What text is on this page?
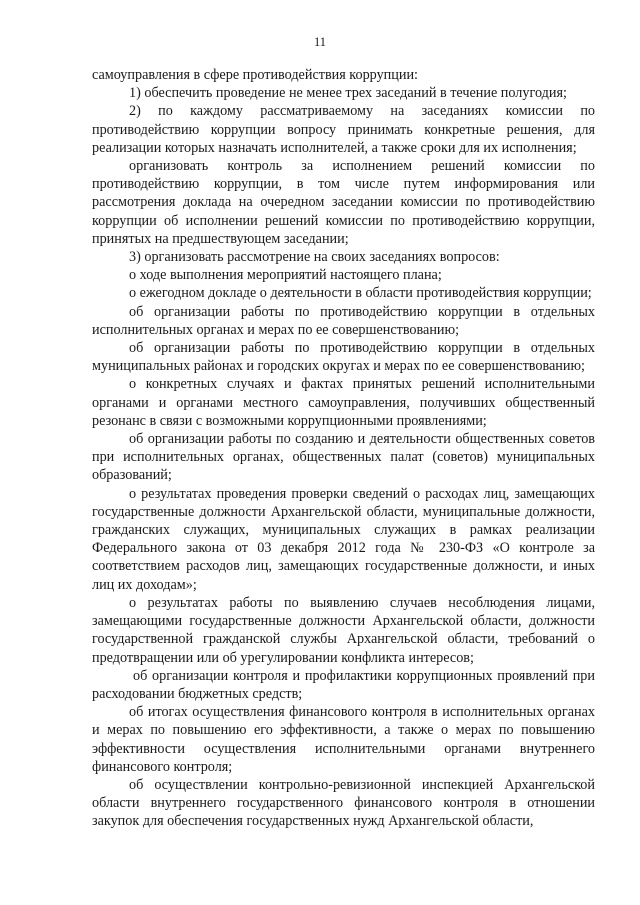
11

самоуправления в сфере противодействия коррупции:

1) обеспечить проведение не менее трех заседаний в течение полугодия;

2) по каждому рассматриваемому на заседаниях комиссии по противодействию коррупции вопросу принимать конкретные решения, для реализации которых назначать исполнителей, а также сроки для их исполнения;

организовать контроль за исполнением решений комиссии по противодействию коррупции, в том числе путем информирования или рассмотрения доклада на очередном заседании комиссии по противодействию коррупции об исполнении решений комиссии по противодействию коррупции, принятых на предшествующем заседании;

3) организовать рассмотрение на своих заседаниях вопросов:

о ходе выполнения мероприятий настоящего плана;

о ежегодном докладе о деятельности в области противодействия коррупции;

об организации работы по противодействию коррупции в отдельных исполнительных органах и мерах по ее совершенствованию;

об организации работы по противодействию коррупции в отдельных муниципальных районах и городских округах и мерах по ее совершенствованию;

о конкретных случаях и фактах принятых решений исполнительными органами и органами местного самоуправления, получивших общественный резонанс в связи с возможными коррупционными проявлениями;

об организации работы по созданию и деятельности общественных советов при исполнительных органах, общественных палат (советов) муниципальных образований;

о результатах проведения проверки сведений о расходах лиц, замещающих государственные должности Архангельской области, муниципальные должности, гражданских служащих, муниципальных служащих в рамках реализации Федерального закона от 03 декабря 2012 года № 230-ФЗ «О контроле за соответствием расходов лиц, замещающих государственные должности, и иных лиц их доходам»;

о результатах работы по выявлению случаев несоблюдения лицами, замещающими государственные должности Архангельской области, должности государственной гражданской службы Архангельской области, требований о предотвращении или об урегулировании конфликта интересов;

об организации контроля и профилактики коррупционных проявлений при расходовании бюджетных средств;

об итогах осуществления финансового контроля в исполнительных органах и мерах по повышению его эффективности, а также о мерах по повышению эффективности осуществления исполнительными органами внутреннего финансового контроля;

об осуществлении контрольно-ревизионной инспекцией Архангельской области внутреннего государственного финансового контроля в отношении закупок для обеспечения государственных нужд Архангельской области,
